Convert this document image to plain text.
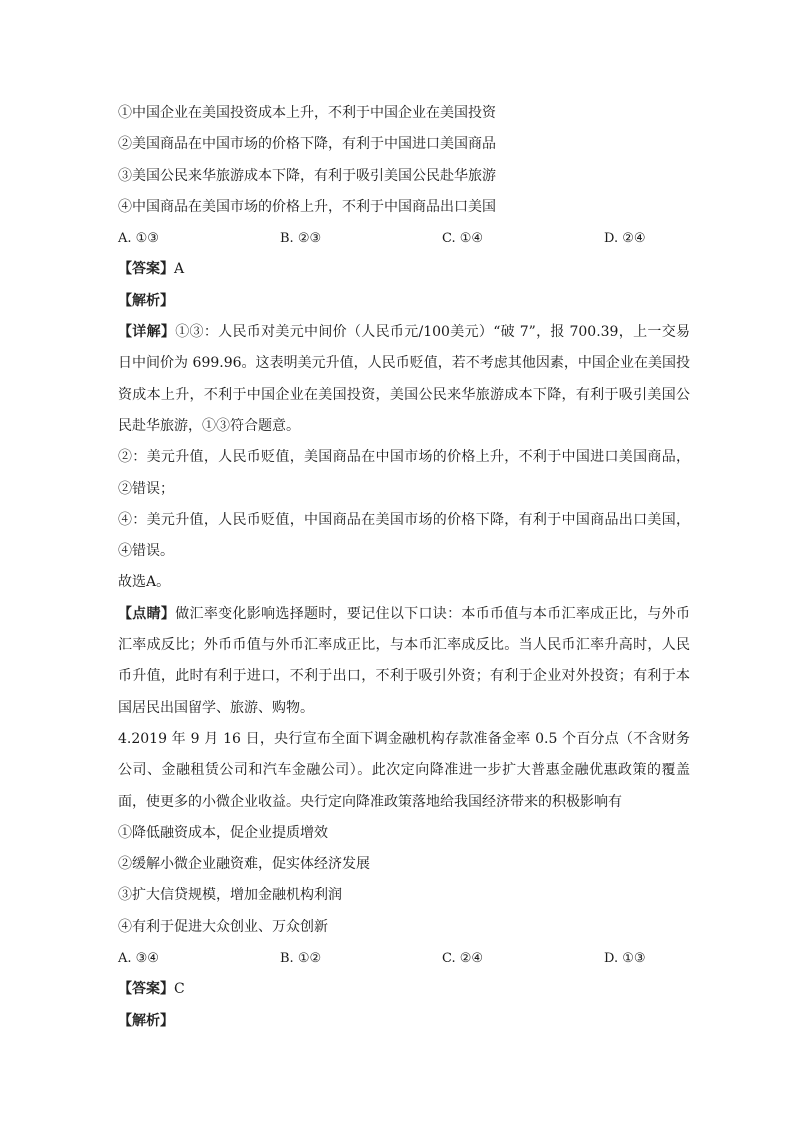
①中国企业在美国投资成本上升，不利于中国企业在美国投资
②美国商品在中国市场的价格下降，有利于中国进口美国商品
③美国公民来华旅游成本下降，有利于吸引美国公民赴华旅游
④中国商品在美国市场的价格上升，不利于中国商品出口美国
A. ①③	B. ②③	C. ①④	D. ②④
【答案】A
【解析】
【详解】①③：人民币对美元中间价（人民币元/100美元）“破 7”，报 700.39，上一交易日中间价为 699.96。这表明美元升值，人民币贬值，若不考虑其他因素，中国企业在美国投资成本上升，不利于中国企业在美国投资，美国公民来华旅游成本下降，有利于吸引美国公民赴华旅游，①③符合题意。
②：美元升值，人民币贬值，美国商品在中国市场的价格上升，不利于中国进口美国商品，②错误；
④：美元升值，人民币贬值，中国商品在美国市场的价格下降，有利于中国商品出口美国，④错误。
故选A。
【点睛】做汇率变化影响选择题时，要记住以下口诀：本币币值与本币汇率成正比，与外币汇率成反比；外币币值与外币汇率成正比，与本币汇率成反比。当人民币汇率升高时，人民币升值，此时有利于进口，不利于出口，不利于吸引外资；有利于企业对外投资；有利于本国居民出国留学、旅游、购物。
4.2019 年 9 月 16 日，央行宣布全面下调金融机构存款准备金率 0.5 个百分点（不含财务公司、金融租赁公司和汽车金融公司）。此次定向降准进一步扩大普惠金融优惠政策的覆盖面，使更多的小微企业收益。央行定向降准政策落地给我国经济带来的积极影响有
①降低融资成本，促企业提质增效
②缓解小微企业融资难，促实体经济发展
③扩大信贷规模，增加金融机构利润
④有利于促进大众创业、万众创新
A. ③④	B. ①②	C. ②④	D. ①③
【答案】C
【解析】
